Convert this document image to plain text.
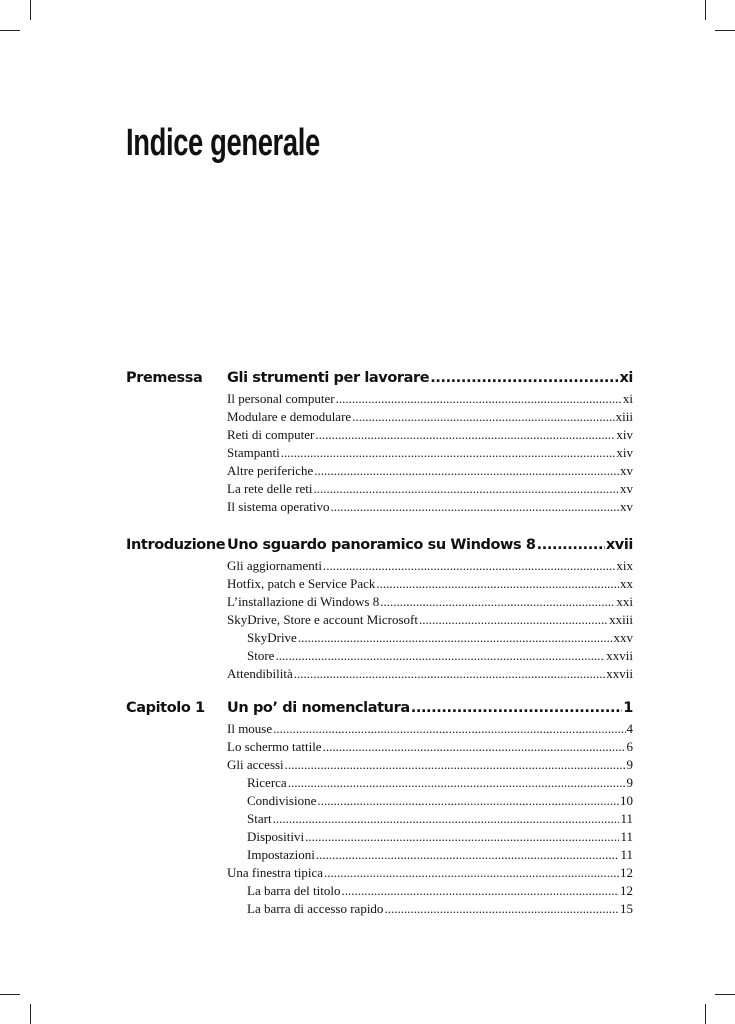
Indice generale
Premessa	Gli strumenti per lavorare .....	xi
Il personal computer .....	xi
Modulare e demodulare .....	xiii
Reti di computer .....	xiv
Stampanti .....	xiv
Altre periferiche .....	xv
La rete delle reti .....	xv
Il sistema operativo .....	xv
Introduzione Uno sguardo panoramico su Windows 8 .....	xvii
Gli aggiornamenti .....	xix
Hotfix, patch e Service Pack .....	xx
L’installazione di Windows 8 .....	xxi
SkyDrive, Store e account Microsoft .....	xxiii
SkyDrive .....	xxv
Store .....	xxvii
Attendibilità .....	xxvii
Capitolo 1	Un po’ di nomenclatura .....	1
Il mouse .....	4
Lo schermo tattile .....	6
Gli accessi .....	9
Ricerca .....	9
Condivisione .....	10
Start .....	11
Dispositivi .....	11
Impostazioni .....	11
Una finestra tipica .....	12
La barra del titolo .....	12
La barra di accesso rapido .....	15
